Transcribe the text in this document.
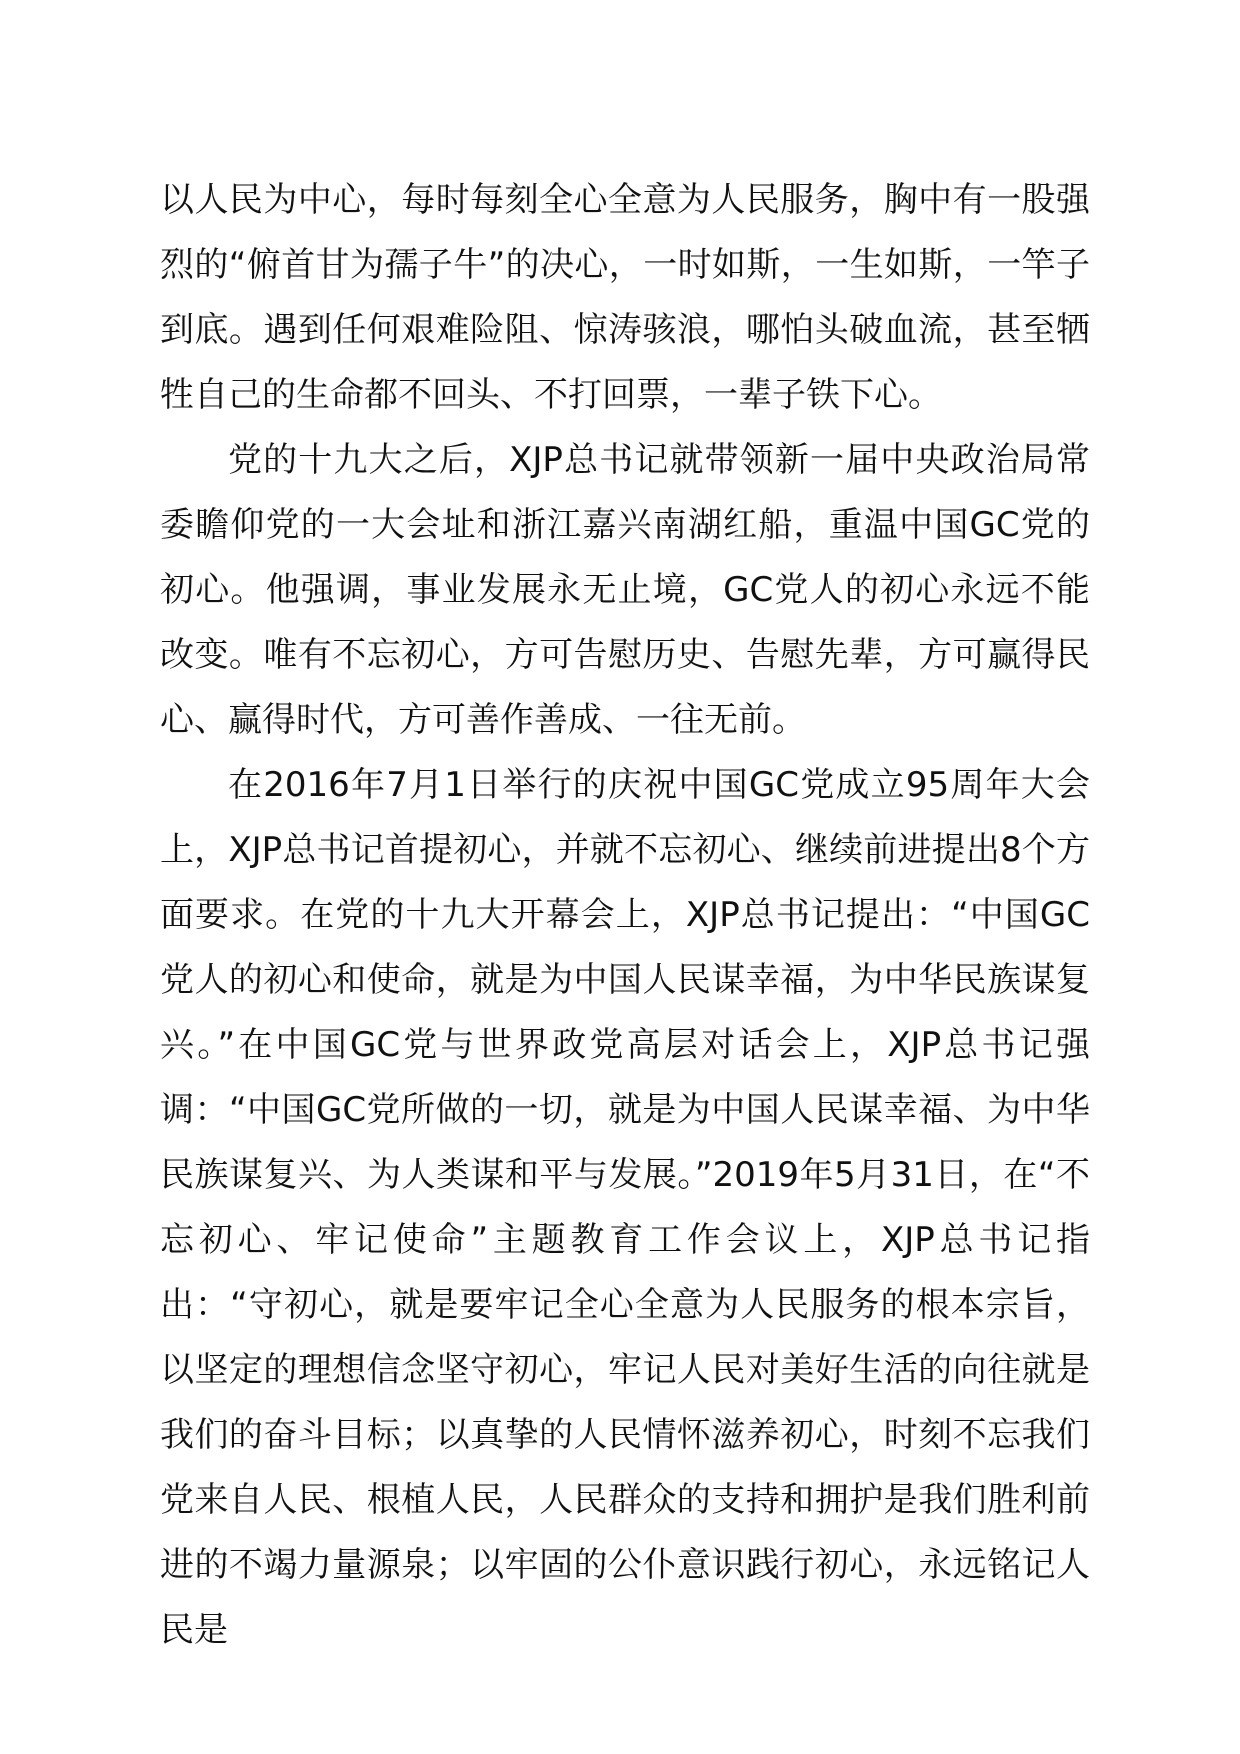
以人民为中心，每时每刻全心全意为人民服务，胸中有一股强烈的“俯首甘为孺子牛”的决心，一时如斯，一生如斯，一竿子到底。遇到任何艰难险阻、惊涛骇浪，哪怕头破血流，甚至牺牲自己的生命都不回头、不打回票，一辈子铁下心。

党的十九大之后，XJP总书记就带领新一届中央政治局常委瞻仰党的一大会址和浙江嘉兴南湖红船，重温中国GC党的初心。他强调，事业发展永无止境，GC党人的初心永远不能改变。唯有不忘初心，方可告慰历史、告慰先辈，方可赢得民心、赢得时代，方可善作善成、一往无前。

在2016年7月1日举行的庆祝中国GC党成立95周年大会上，XJP总书记首提初心，并就不忘初心、继续前进提出8个方面要求。在党的十九大开幕会上，XJP总书记提出：“中国GC党人的初心和使命，就是为中国人民谋幸福，为中华民族谋复兴。”在中国GC党与世界政党高层对话会上，XJP总书记强调：“中国GC党所做的一切，就是为中国人民谋幸福、为中华民族谋复兴、为人类谋和平与发展。”2019年5月31日，在“不忘初心、牢记使命”主题教育工作会议上，XJP总书记指出：“守初心，就是要牢记全心全意为人民服务的根本宗旨，以坚定的理想信念坚守初心，牢记人民对美好生活的向往就是我们的奋斗目标；以真挚的人民情怀滋养初心，时刻不忘我们党来自人民、根植人民，人民群众的支持和拥护是我们胜利前进的不竭力量源泉；以牢固的公仆意识践行初心，永远铭记人民是
